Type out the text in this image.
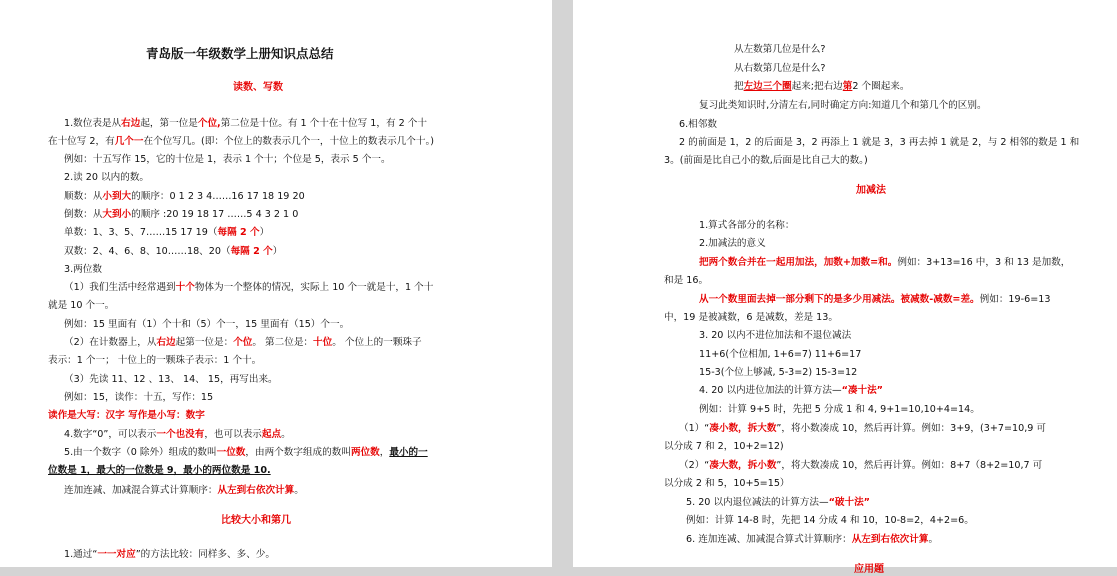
青岛版一年级数学上册知识点总结
读数、写数
1.数位表是从右边起，第一位是个位,第二位是十位。有 1 个十在十位写 1，有 2 个十
在十位写 2，有几个一在个位写几。(即：个位上的数表示几个一，十位上的数表示几个十。)
例如：十五写作 15，它的十位是 1，表示 1 个十；个位是 5，表示 5 个一。
2.读 20 以内的数。
顺数：从小到大的顺序：0 1 2 3 4……16 17 18 19 20
倒数：从大到小的顺序 :20 19 18 17 ……5 4 3 2 1 0
单数：1、3、5、7……15 17 19（每隔 2 个）
双数：2、4、6、8、10……18、20（每隔 2 个）
3.两位数
（1）我们生活中经常遇到十个物体为一个整体的情况，实际上 10 个一就是十，1 个十
就是 10 个一。
例如：15 里面有（1）个十和（5）个一，15 里面有（15）个一。
（2）在计数器上，从右边起第一位是：个位。 第二位是：十位。 个位上的一颗珠子
表示：1 个一； 十位上的一颗珠子表示：1 个十。
（3）先读 11、12 、13、 14、 15，再写出来。
例如：15，读作：十五，写作：15
读作是大写：汉字 写作是小写：数字
4.数字“0”，可以表示一个也没有，也可以表示起点。
5.由一个数字（0 除外）组成的数叫一位数，由两个数字组成的数叫两位数，最小的一
位数是 1，最大的一位数是 9，最小的两位数是 10.
连加连减、加减混合算式计算顺序：从左到右依次计算。
比较大小和第几
1.通过“一一对应”的方法比较：同样多、多、少。
从左数第几位是什么?
从右数第几位是什么?
把左边三个圈起来;把右边第2 个圈起来。
复习此类知识时,分清左右,同时确定方向:知道几个和第几个的区别。
6.相邻数
2 的前面是 1，2 的后面是 3，2 再添上 1 就是 3，3 再去掉 1 就是 2，与 2 相邻的数是 1 和
3。(前面是比自己小的数,后面是比自己大的数。)
加减法
1.算式各部分的名称：
2.加减法的意义
把两个数合并在一起用加法，加数+加数=和。例如：3+13=16 中，3 和 13 是加数，
和是 16。
从一个数里面去掉一部分剩下的是多少用减法。被减数-减数=差。例如：19-6=13
中，19 是被减数，6 是减数，差是 13。
3. 20 以内不进位加法和不退位减法
11+6(个位相加, 1+6=7) 11+6=17
15-3(个位上够减, 5-3=2) 15-3=12
4. 20 以内进位加法的计算方法—“凑十法”
例如：计算 9+5 时，先把 5 分成 1 和 4, 9+1=10,10+4=14。
（1）“凑小数，拆大数”，将小数凑成 10，然后再计算。例如：3+9，(3+7=10,9 可
以分成 7 和 2，10+2=12)
（2）“凑大数，拆小数”，将大数凑成 10，然后再计算。例如：8+7（8+2=10,7 可
以分成 2 和 5，10+5=15）
5. 20 以内退位减法的计算方法—“破十法”
例如：计算 14-8 时，先把 14 分成 4 和 10，10-8=2，4+2=6。
6. 连加连减、加减混合算式计算顺序：从左到右依次计算。
应用题
